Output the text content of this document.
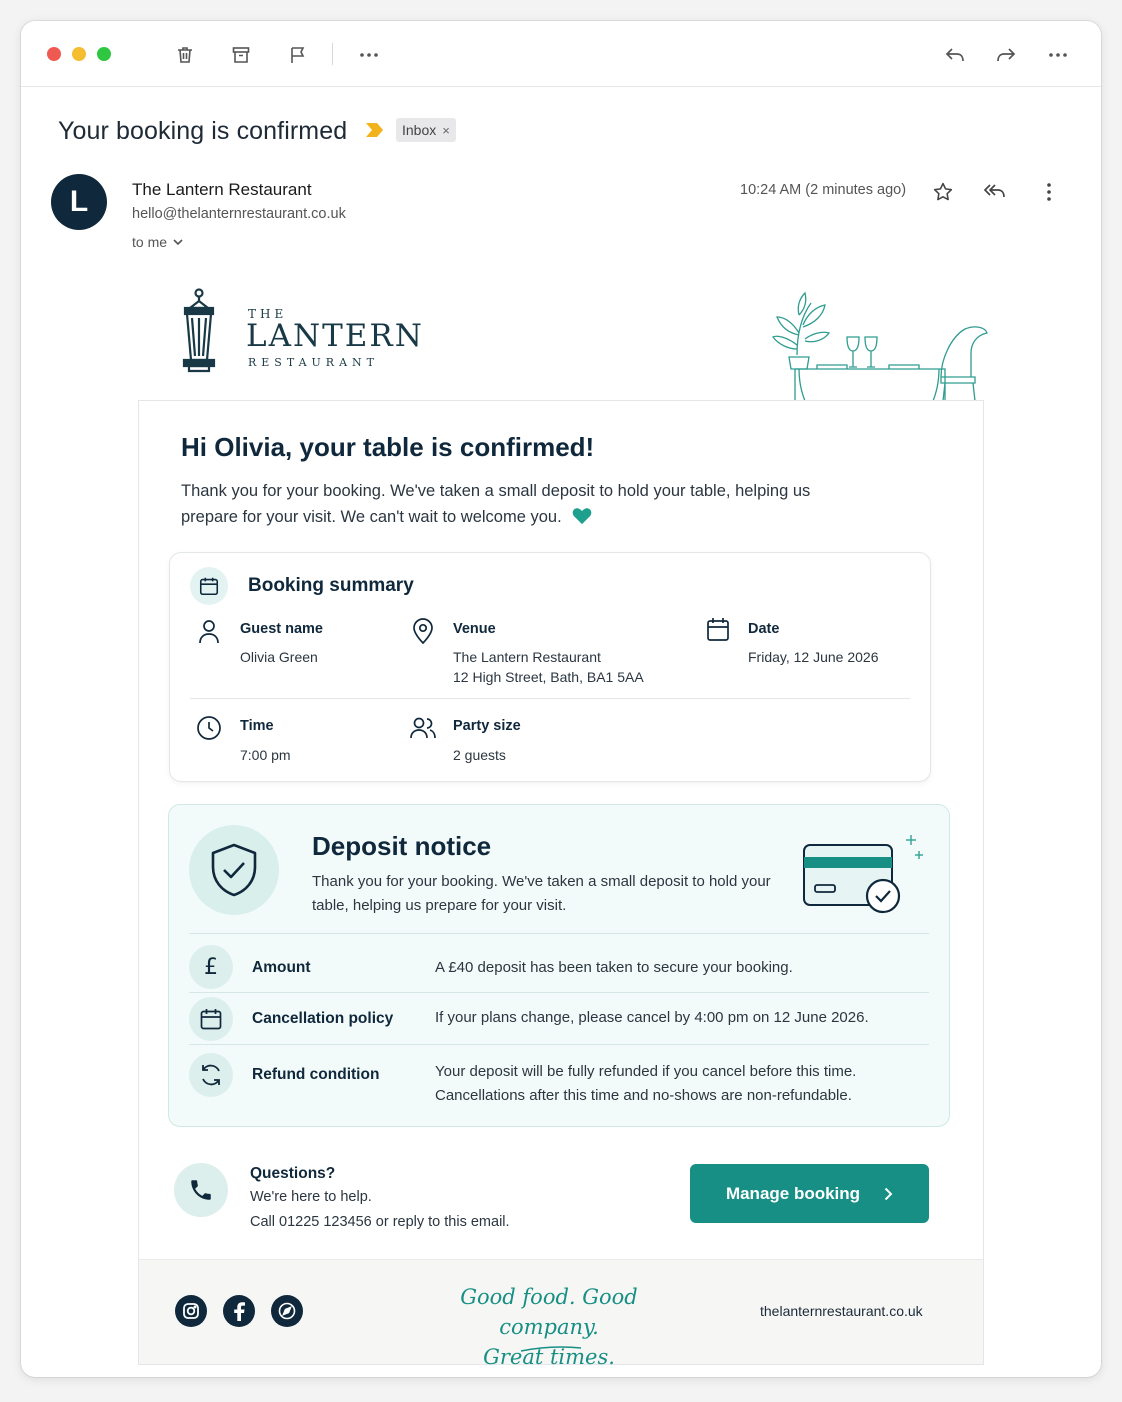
Your booking is confirmed	Inbox ×
L	The Lantern Restaurant
hello@thelanternrestaurant.co.uk
to me
10:24 AM (2 minutes ago)
THE
LANTERN
RESTAURANT
Hi Olivia, your table is confirmed!
Thank you for your booking. We've taken a small deposit to hold your table, helping us prepare for your visit. We can't wait to welcome you.
Booking summary
Guest name
Olivia Green
Venue
The Lantern Restaurant
12 High Street, Bath, BA1 5AA
Date
Friday, 12 June 2026
Time
7:00 pm
Party size
2 guests
Deposit notice
Thank you for your booking. We've taken a small deposit to hold your table, helping us prepare for your visit.
£ Amount	A £40 deposit has been taken to secure your booking.
Cancellation policy	If your plans change, please cancel by 4:00 pm on 12 June 2026.
Refund condition	Your deposit will be fully refunded if you cancel before this time.
Cancellations after this time and no-shows are non-refundable.
Questions?
We're here to help.
Call 01225 123456 or reply to this email.
Manage booking
Good food. Good company.
Great times.
thelanternrestaurant.co.uk
